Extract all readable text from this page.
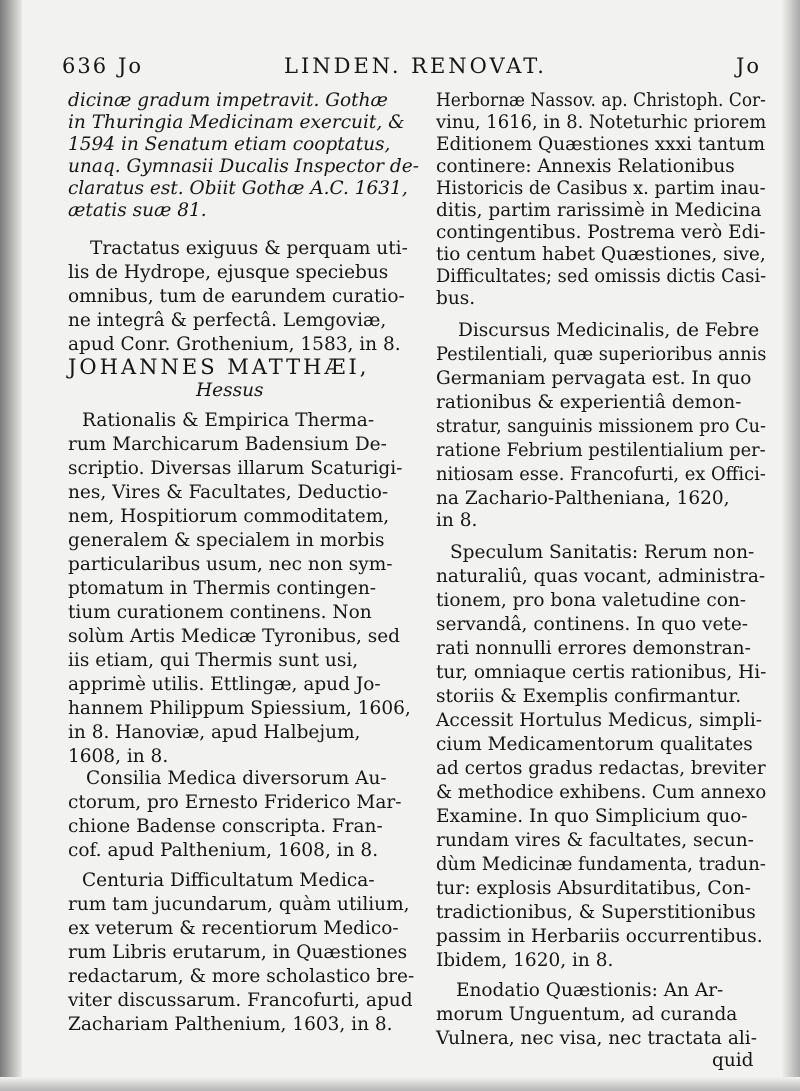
636 Jo	LINDEN. RENOVAT.	Jo
dicinæ gradum impetravit. Gothæ
in Thuringia Medicinam exercuit, &
1594 in Senatum etiam cooptatus,
unaq. Gymnasii Ducalis Inspector de-
claratus est. Obiit Gothæ A.C. 1631,
ætatis suæ 81.
Tractatus exiguus & perquam uti-
lis de Hydrope, ejusque speciebus
omnibus, tum de earundem curatio-
ne integrâ & perfectâ. Lemgoviæ,
apud Conr. Grothenium, 1583, in 8.
JOHANNES MATTHÆI,
Hessus
Rationalis & Empirica Therma-
rum Marchicarum Badensium De-
scriptio. Diversas illarum Scaturigi-
nes, Vires & Facultates, Deductio-
nem, Hospitiorum commoditatem,
generalem & specialem in morbis
particularibus usum, nec non sym-
ptomatum in Thermis contingen-
tium curationem continens. Non
solùm Artis Medicæ Tyronibus, sed
iis etiam, qui Thermis sunt usi,
apprimè utilis. Ettlingæ, apud Jo-
hannem Philippum Spiessium, 1606,
in 8. Hanoviæ, apud Halbejum,
1608, in 8.
Consilia Medica diversorum Au-
ctorum, pro Ernesto Friderico Mar-
chione Badense conscripta. Fran-
cof. apud Palthenium, 1608, in 8.
Centuria Difficultatum Medica-
rum tam jucundarum, quàm utilium,
ex veterum & recentiorum Medico-
rum Libris erutarum, in Quæstiones
redactarum, & more scholastico bre-
viter discussarum. Francofurti, apud
Zachariam Palthenium, 1603, in 8.
Herbornæ Nassov. ap. Christoph. Cor-
vinu, 1616, in 8. Noteturhic priorem
Editionem Quæstiones xxxi tantum
continere: Annexis Relationibus
Historicis de Casibus x. partim inau-
ditis, partim rarissimè in Medicina
contingentibus. Postrema verò Edi-
tio centum habet Quæstiones, sive,
Difficultates; sed omissis dictis Casi-
bus.
Discursus Medicinalis, de Febre
Pestilentiali, quæ superioribus annis
Germaniam pervagata est. In quo
rationibus & experientiâ demon-
stratur, sanguinis missionem pro Cu-
ratione Febrium pestilentialium per-
nitiosam esse. Francofurti, ex Offici-
na Zachario-Paltheniana, 1620,
in 8.
Speculum Sanitatis: Rerum non-
naturaliû, quas vocant, administra-
tionem, pro bona valetudine con-
servandâ, continens. In quo vete-
rati nonnulli errores demonstran-
tur, omniaque certis rationibus, Hi-
storiis & Exemplis confirmantur.
Accessit Hortulus Medicus, simpli-
cium Medicamentorum qualitates
ad certos gradus redactas, breviter
& methodice exhibens. Cum annexo
Examine. In quo Simplicium quo-
rundam vires & facultates, secun-
dùm Medicinæ fundamenta, tradun-
tur: explosis Absurditatibus, Con-
tradictionibus, & Superstitionibus
passim in Herbariis occurrentibus.
Ibidem, 1620, in 8.
Enodatio Quæstionis: An Ar-
morum Unguentum, ad curanda
Vulnera, nec visa, nec tractata ali-
quid
